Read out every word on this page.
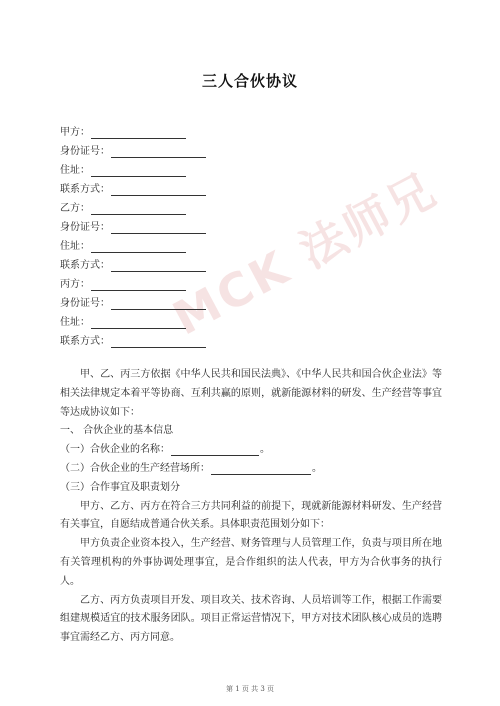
MCK 法师兄
三人合伙协议
甲方：
身份证号：
住址：
联系方式：
乙方：
身份证号：
住址：
联系方式：
丙方：
身份证号：
住址：
联系方式：

甲、乙、丙三方依据《中华人民共和国民法典》、《中华人民共和国合伙企业法》等相关法律规定本着平等协商、互利共赢的原则，就新能源材料的研发、生产经营等事宜等达成协议如下：

一、 合伙企业的基本信息

（一）合伙企业的名称：	。

（二）合伙企业的生产经营场所：	。

（三）合作事宜及职责划分

甲方、乙方、丙方在符合三方共同利益的前提下，现就新能源材料研发、生产经营有关事宜，自愿结成普通合伙关系。具体职责范围划分如下：

甲方负责企业资本投入，生产经营、财务管理与人员管理工作，负责与项目所在地有关管理机构的外事协调处理事宜，是合作组织的法人代表，甲方为合伙事务的执行人。

乙方、丙方负责项目开发、项目攻关、技术咨询、人员培训等工作，根据工作需要组建规模适宜的技术服务团队。项目正常运营情况下，甲方对技术团队核心成员的选聘事宜需经乙方、丙方同意。

第 1 页 共 3 页
